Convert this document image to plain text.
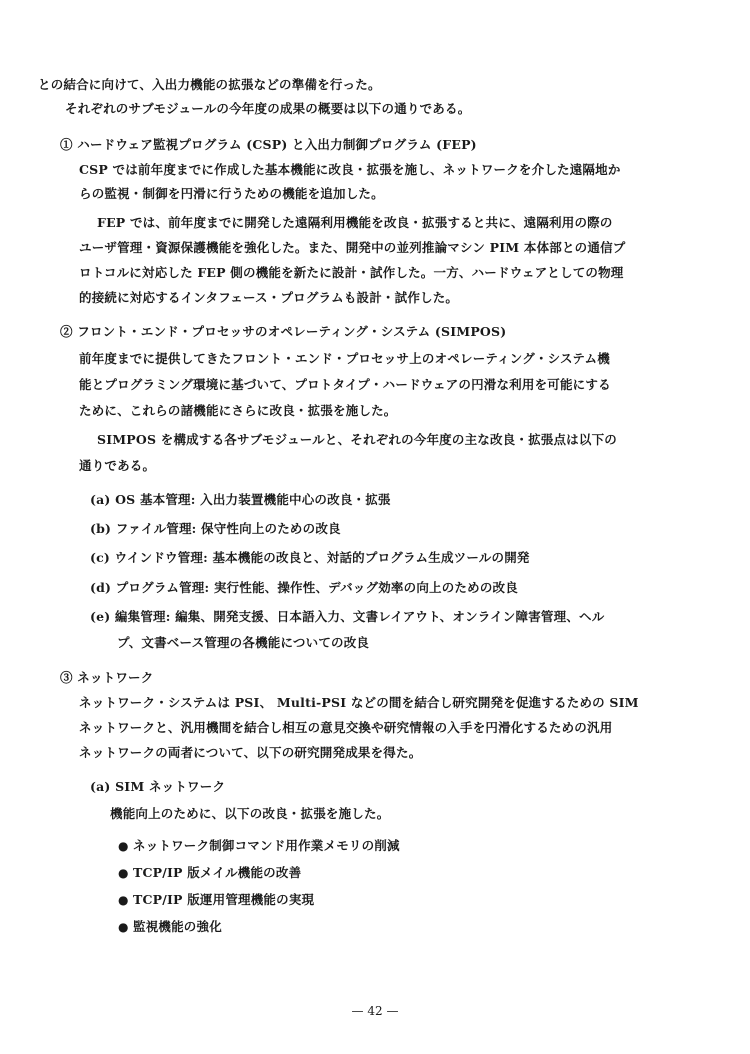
との結合に向けて、入出力機能の拡張などの準備を行った。
それぞれのサブモジュールの今年度の成果の概要は以下の通りである。
① ハードウェア監視プログラム (CSP) と入出力制御プログラム (FEP)
CSP では前年度までに作成した基本機能に改良・拡張を施し、ネットワークを介した遠隔地か
らの監視・制御を円滑に行うための機能を追加した。
FEP では、前年度までに開発した遠隔利用機能を改良・拡張すると共に、遠隔利用の際の
ユーザ管理・資源保護機能を強化した。また、開発中の並列推論マシン PIM 本体部との通信プ
ロトコルに対応した FEP 側の機能を新たに設計・試作した。一方、ハードウェアとしての物理
的接続に対応するインタフェース・プログラムも設計・試作した。
② フロント・エンド・プロセッサのオペレーティング・システム (SIMPOS)
前年度までに提供してきたフロント・エンド・プロセッサ上のオペレーティング・システム機
能とプログラミング環境に基づいて、プロトタイプ・ハードウェアの円滑な利用を可能にする
ために、これらの諸機能にさらに改良・拡張を施した。
SIMPOS を構成する各サブモジュールと、それぞれの今年度の主な改良・拡張点は以下の
通りである。
(a) OS 基本管理: 入出力装置機能中心の改良・拡張
(b) ファイル管理: 保守性向上のための改良
(c) ウインドウ管理: 基本機能の改良と、対話的プログラム生成ツールの開発
(d) プログラム管理: 実行性能、操作性、デバッグ効率の向上のための改良
(e) 編集管理: 編集、開発支援、日本語入力、文書レイアウト、オンライン障害管理、ヘル
プ、文書ベース管理の各機能についての改良
③ ネットワーク
ネットワーク・システムは PSI、 Multi-PSI などの間を結合し研究開発を促進するための SIM
ネットワークと、汎用機間を結合し相互の意見交換や研究情報の入手を円滑化するための汎用
ネットワークの両者について、以下の研究開発成果を得た。
(a) SIM ネットワーク
機能向上のために、以下の改良・拡張を施した。
● ネットワーク制御コマンド用作業メモリの削減
● TCP/IP 版メイル機能の改善
● TCP/IP 版運用管理機能の実現
● 監視機能の強化
— 42 —
